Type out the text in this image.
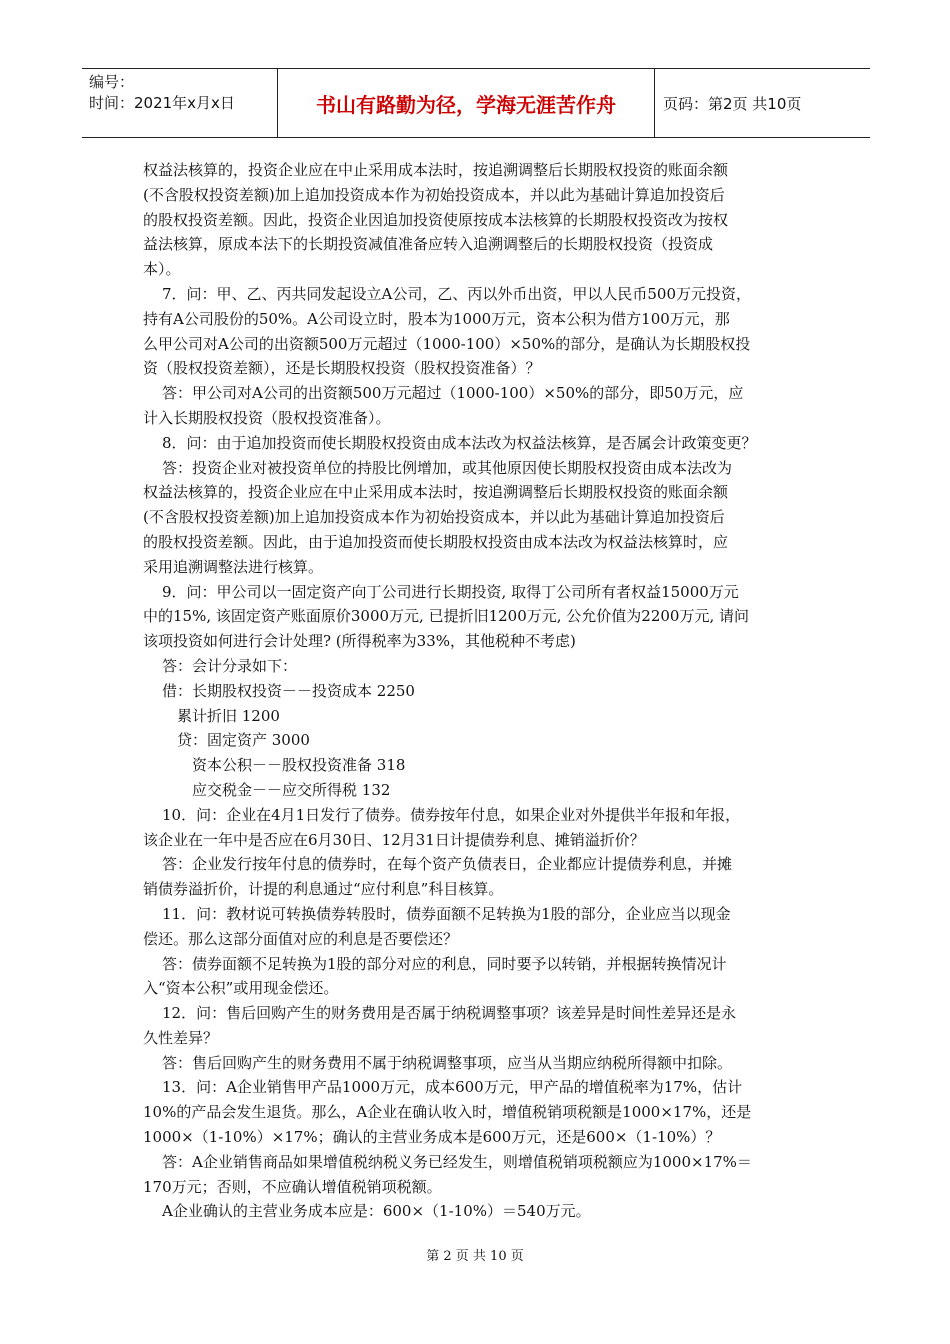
编号：
时间：2021年x月x日	书山有路勤为径，学海无涯苦作舟	页码：第2页 共10页

权益法核算的，投资企业应在中止采用成本法时，按追溯调整后长期股权投资的账面余额

(不含股权投资差额)加上追加投资成本作为初始投资成本，并以此为基础计算追加投资后

的股权投资差额。因此，投资企业因追加投资使原按成本法核算的长期股权投资改为按权

益法核算，原成本法下的长期投资减值准备应转入追溯调整后的长期股权投资（投资成

本）。

7．问：甲、乙、丙共同发起设立A公司，乙、丙以外币出资，甲以人民币500万元投资，

持有A公司股份的50%。A公司设立时，股本为1000万元，资本公积为借方100万元，那

么甲公司对A公司的出资额500万元超过（1000-100）×50%的部分，是确认为长期股权投

资（股权投资差额），还是长期股权投资（股权投资准备）？

答：甲公司对A公司的出资额500万元超过（1000-100）×50%的部分，即50万元，应

计入长期股权投资（股权投资准备）。

8．问：由于追加投资而使长期股权投资由成本法改为权益法核算，是否属会计政策变更？

答：投资企业对被投资单位的持股比例增加，或其他原因使长期股权投资由成本法改为

权益法核算的，投资企业应在中止采用成本法时，按追溯调整后长期股权投资的账面余额

(不含股权投资差额)加上追加投资成本作为初始投资成本，并以此为基础计算追加投资后

的股权投资差额。因此，由于追加投资而使长期股权投资由成本法改为权益法核算时，应

采用追溯调整法进行核算。

9．问：甲公司以一固定资产向丁公司进行长期投资, 取得丁公司所有者权益15000万元

中的15%, 该固定资产账面原价3000万元, 已提折旧1200万元, 公允价值为2200万元, 请问

该项投资如何进行会计处理? (所得税率为33%，其他税种不考虑)

答：会计分录如下：

借：长期股权投资－－投资成本 2250

累计折旧 1200

贷：固定资产 3000

资本公积－－股权投资准备 318

应交税金－－应交所得税 132

10．问：企业在4月1日发行了债券。债券按年付息，如果企业对外提供半年报和年报，

该企业在一年中是否应在6月30日、12月31日计提债券利息、摊销溢折价？

答：企业发行按年付息的债券时，在每个资产负债表日，企业都应计提债券利息，并摊

销债券溢折价，计提的利息通过“应付利息”科目核算。

11．问：教材说可转换债券转股时，债券面额不足转换为1股的部分，企业应当以现金

偿还。那么这部分面值对应的利息是否要偿还？

答：债券面额不足转换为1股的部分对应的利息，同时要予以转销，并根据转换情况计

入“资本公积”或用现金偿还。

12．问：售后回购产生的财务费用是否属于纳税调整事项？该差异是时间性差异还是永

久性差异？

答：售后回购产生的财务费用不属于纳税调整事项，应当从当期应纳税所得额中扣除。

13．问：A企业销售甲产品1000万元，成本600万元，甲产品的增值税率为17%，估计

10%的产品会发生退货。那么，A企业在确认收入时，增值税销项税额是1000×17%，还是

1000×（1-10%）×17%；确认的主营业务成本是600万元，还是600×（1-10%）？

答：A企业销售商品如果增值税纳税义务已经发生，则增值税销项税额应为1000×17%＝

170万元；否则，不应确认增值税销项税额。

A企业确认的主营业务成本应是：600×（1-10%）＝540万元。

第 2 页 共 10 页
